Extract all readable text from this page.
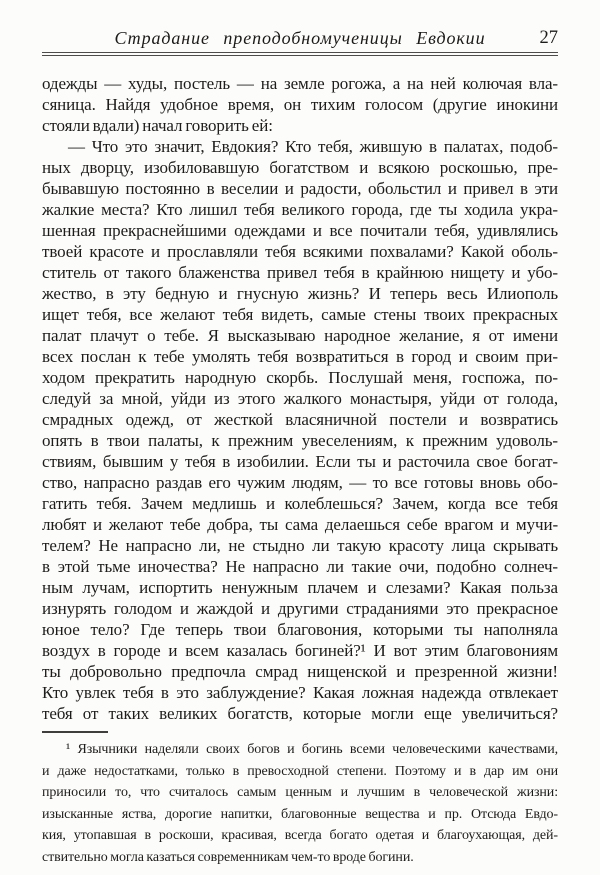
Страдание преподобномученицы Евдокии	27
одежды — худы, постель — на земле рогожа, а на ней колючая вла-
сяница. Найдя удобное время, он тихим голосом (другие инокини
стояли вдали) начал говорить ей:
— Что это значит, Евдокия? Кто тебя, жившую в палатах, подоб-
ных дворцу, изобиловавшую богатством и всякою роскошью, пре-
бывавшую постоянно в веселии и радости, обольстил и привел в эти
жалкие места? Кто лишил тебя великого города, где ты ходила укра-
шенная прекраснейшими одеждами и все почитали тебя, удивлялись
твоей красоте и прославляли тебя всякими похвалами? Какой оболь-
ститель от такого блаженства привел тебя в крайнюю нищету и убо-
жество, в эту бедную и гнусную жизнь? И теперь весь Илиополь
ищет тебя, все желают тебя видеть, самые стены твоих прекрасных
палат плачут о тебе. Я высказываю народное желание, я от имени
всех послан к тебе умолять тебя возвратиться в город и своим при-
ходом прекратить народную скорбь. Послушай меня, госпожа, по-
следуй за мной, уйди из этого жалкого монастыря, уйди от голода,
смрадных одежд, от жесткой власяничной постели и возвратись
опять в твои палаты, к прежним увеселениям, к прежним удоволь-
ствиям, бывшим у тебя в изобилии. Если ты и расточила свое богат-
ство, напрасно раздав его чужим людям, — то все готовы вновь обо-
гатить тебя. Зачем медлишь и колеблешься? Зачем, когда все тебя
любят и желают тебе добра, ты сама делаешься себе врагом и мучи-
телем? Не напрасно ли, не стыдно ли такую красоту лица скрывать
в этой тьме иночества? Не напрасно ли такие очи, подобно солнеч-
ным лучам, испортить ненужным плачем и слезами? Какая польза
изнурять голодом и жаждой и другими страданиями это прекрасное
юное тело? Где теперь твои благовония, которыми ты наполняла
воздух в городе и всем казалась богиней?¹ И вот этим благовониям
ты добровольно предпочла смрад нищенской и презренной жизни!
Кто увлек тебя в это заблуждение? Какая ложная надежда отвлекает
тебя от таких великих богатств, которые могли еще увеличиться?
¹ Язычники наделяли своих богов и богинь всеми человеческими качествами,
и даже недостатками, только в превосходной степени. Поэтому и в дар им они
приносили то, что считалось самым ценным и лучшим в человеческой жизни:
изысканные яства, дорогие напитки, благовонные вещества и пр. Отсюда Евдо-
кия, утопавшая в роскоши, красивая, всегда богато одетая и благоухающая, дей-
ствительно могла казаться современникам чем-то вроде богини.
